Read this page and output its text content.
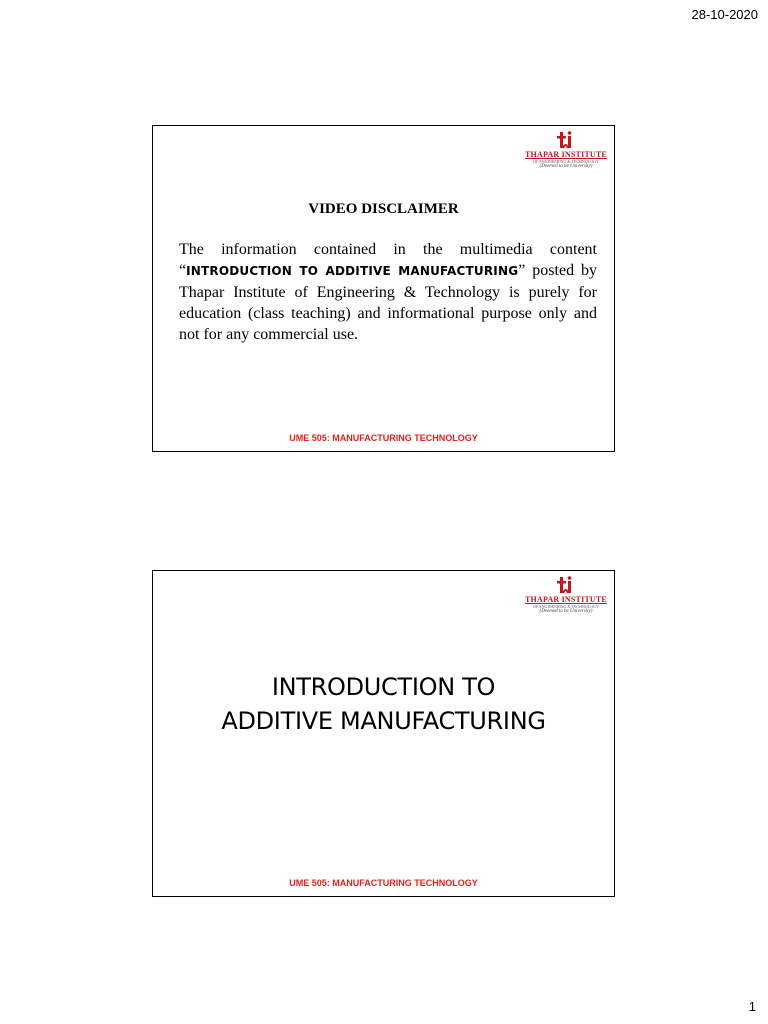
28-10-2020
THAPAR INSTITUTE
OF ENGINEERING & TECHNOLOGY
(Deemed to be University)
VIDEO DISCLAIMER
The information contained in the multimedia content “INTRODUCTION TO ADDITIVE MANUFACTURING” posted by Thapar Institute of Engineering & Technology is purely for education (class teaching) and informational purpose only and not for any commercial use.
UME 505: MANUFACTURING TECHNOLOGY
THAPAR INSTITUTE
OF ENGINEERING & TECHNOLOGY
(Deemed to be University)
INTRODUCTION TO
ADDITIVE MANUFACTURING
UME 505: MANUFACTURING TECHNOLOGY
1
